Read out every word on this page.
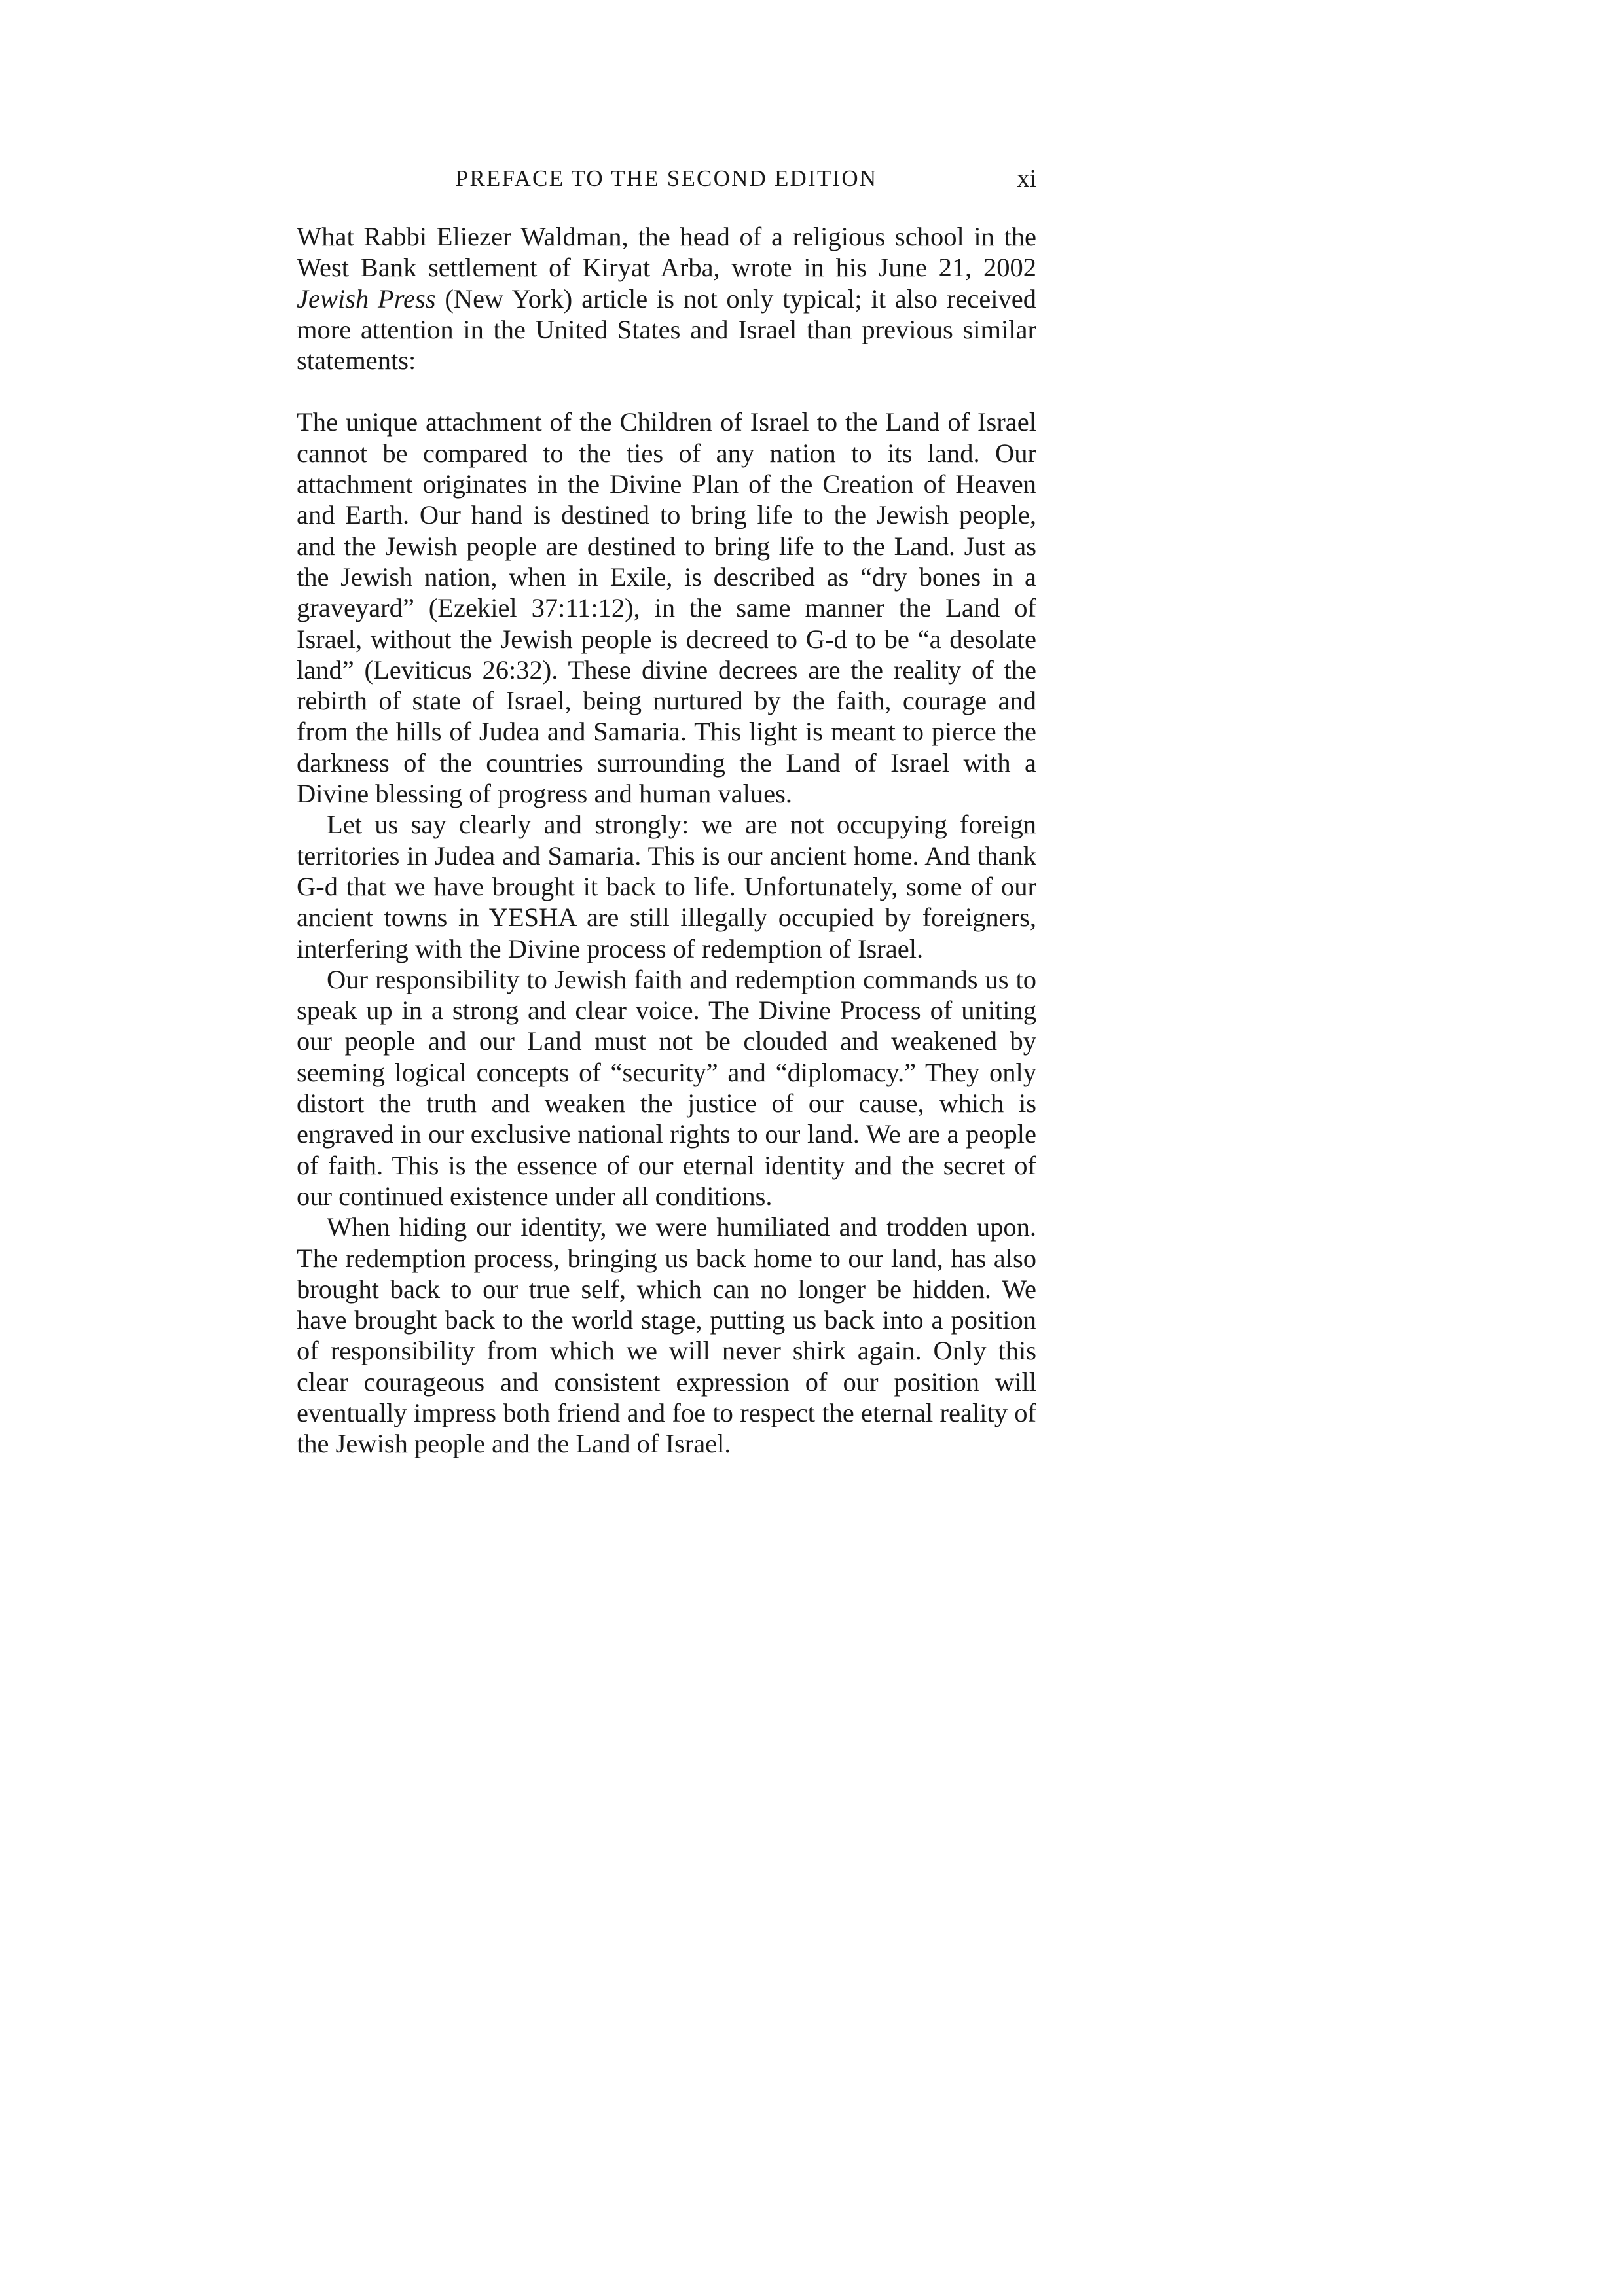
PREFACE TO THE SECOND EDITION	xi

What Rabbi Eliezer Waldman, the head of a religious school in the West Bank settlement of Kiryat Arba, wrote in his June 21, 2002 Jewish Press (New York) article is not only typical; it also received more attention in the United States and Israel than previous similar statements:

The unique attachment of the Children of Israel to the Land of Israel cannot be compared to the ties of any nation to its land. Our attachment originates in the Divine Plan of the Creation of Heaven and Earth. Our hand is destined to bring life to the Jewish people, and the Jewish people are destined to bring life to the Land. Just as the Jewish nation, when in Exile, is described as “dry bones in a graveyard” (Ezekiel 37:11:12), in the same manner the Land of Israel, without the Jewish people is decreed to G-d to be “a desolate land” (Leviticus 26:32). These divine decrees are the reality of the rebirth of state of Israel, being nurtured by the faith, courage and from the hills of Judea and Samaria. This light is meant to pierce the darkness of the countries surrounding the Land of Israel with a Divine blessing of progress and human values.

Let us say clearly and strongly: we are not occupying foreign territories in Judea and Samaria. This is our ancient home. And thank G-d that we have brought it back to life. Unfortunately, some of our ancient towns in YESHA are still illegally occupied by foreigners, interfering with the Divine process of redemption of Israel.

Our responsibility to Jewish faith and redemption commands us to speak up in a strong and clear voice. The Divine Process of uniting our people and our Land must not be clouded and weakened by seeming logical concepts of “security” and “diplomacy.” They only distort the truth and weaken the justice of our cause, which is engraved in our exclusive national rights to our land. We are a people of faith. This is the essence of our eternal identity and the secret of our continued existence under all conditions.

When hiding our identity, we were humiliated and trodden upon. The redemption process, bringing us back home to our land, has also brought back to our true self, which can no longer be hidden. We have brought back to the world stage, putting us back into a position of responsibility from which we will never shirk again. Only this clear courageous and consistent expression of our position will eventually impress both friend and foe to respect the eternal reality of the Jewish people and the Land of Israel.
